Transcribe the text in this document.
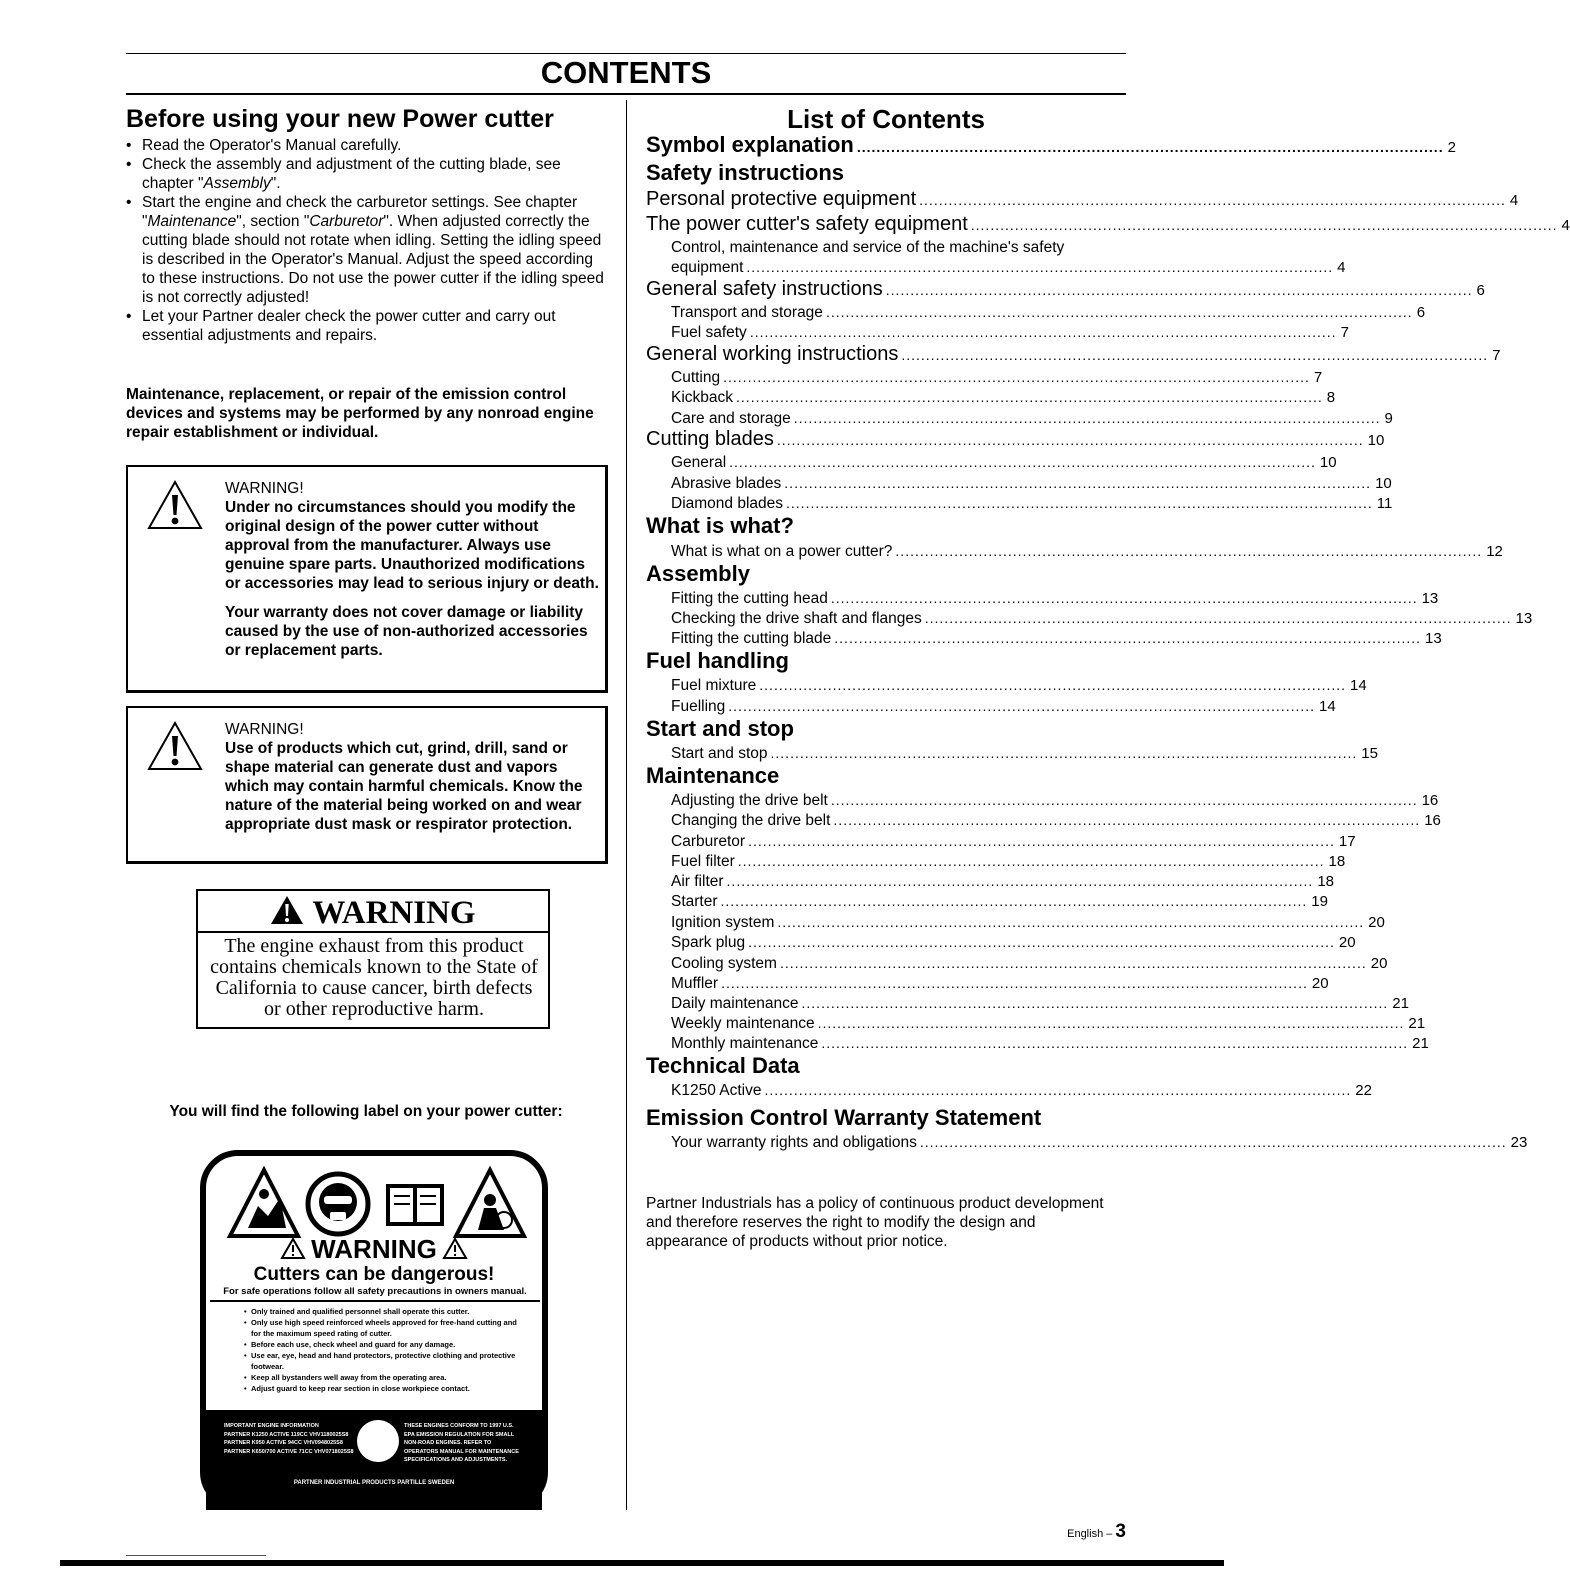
CONTENTS
Before using your new Power cutter
• Read the Operator's Manual carefully.
• Check the assembly and adjustment of the cutting blade, see chapter "Assembly".
• Start the engine and check the carburetor settings. See chapter "Maintenance", section "Carburetor". When adjusted correctly the cutting blade should not rotate when idling. Setting the idling speed is described in the Operator's Manual. Adjust the speed according to these instructions. Do not use the power cutter if the idling speed is not correctly adjusted!
• Let your Partner dealer check the power cutter and carry out essential adjustments and repairs.
Maintenance, replacement, or repair of the emission control devices and systems may be performed by any nonroad engine repair establishment or individual.

WARNING!
Under no circumstances should you modify the original design of the power cutter without approval from the manufacturer. Always use genuine spare parts. Unauthorized modifications or accessories may lead to serious injury or death.

Your warranty does not cover damage or liability caused by the use of non-authorized accessories or replacement parts.

WARNING!
Use of products which cut, grind, drill, sand or shape material can generate dust and vapors which may contain harmful chemicals. Know the nature of the material being worked on and wear appropriate dust mask or respirator protection.

WARNING
The engine exhaust from this product contains chemicals known to the State of California to cause cancer, birth defects or other reproductive harm.
You will find the following label on your power cutter:
WARNING
Cutters can be dangerous!
For safe operations follow all safety precautions in owners manual.
• Only trained and qualified personnel shall operate this cutter.
• Only use high speed reinforced wheels approved for free-hand cutting and for the maximum speed rating of cutter.
• Before each use, check wheel and guard for any damage.
• Use ear, eye, head and hand protectors, protective clothing and protective footwear.
• Keep all bystanders well away from the operating area.
• Adjust guard to keep rear section in close workpiece contact.
IMPORTANT ENGINE INFORMATION
PARTNER K1250 ACTIVE 119CC VHV1180025S8
PARTNER K950 ACTIVE 94CC VHV0948025S8
PARTNER K650/700 ACTIVE 71CC VHV0718025S8
THESE ENGINES CONFORM TO 1997 U.S. EPA EMISSION REGULATION FOR SMALL NON-ROAD ENGINES. REFER TO OPERATORS MANUAL FOR MAINTENANCE SPECIFICATIONS AND ADJUSTMENTS.
PARTNER INDUSTRIAL PRODUCTS PARTILLE SWEDEN
List of Contents
Symbol explanation ........................................................................................................................ 2
Safety instructions
Personal protective equipment ........................................................................................................................ 4
The power cutter's safety equipment ........................................................................................................................ 4
Control, maintenance and service of the machine's safety
equipment ........................................................................................................................ 4
General safety instructions ........................................................................................................................ 6
Transport and storage ........................................................................................................................ 6
Fuel safety ........................................................................................................................ 7
General working instructions ........................................................................................................................ 7
Cutting ........................................................................................................................ 7
Kickback ........................................................................................................................ 8
Care and storage ........................................................................................................................ 9
Cutting blades ........................................................................................................................ 10
General ........................................................................................................................ 10
Abrasive blades ........................................................................................................................ 10
Diamond blades ........................................................................................................................ 11
What is what?
What is what on a power cutter? ........................................................................................................................ 12
Assembly
Fitting the cutting head ........................................................................................................................ 13
Checking the drive shaft and flanges ........................................................................................................................ 13
Fitting the cutting blade ........................................................................................................................ 13
Fuel handling
Fuel mixture ........................................................................................................................ 14
Fuelling ........................................................................................................................ 14
Start and stop
Start and stop ........................................................................................................................ 15
Maintenance
Adjusting the drive belt ........................................................................................................................ 16
Changing the drive belt ........................................................................................................................ 16
Carburetor ........................................................................................................................ 17
Fuel filter ........................................................................................................................ 18
Air filter ........................................................................................................................ 18
Starter ........................................................................................................................ 19
Ignition system ........................................................................................................................ 20
Spark plug ........................................................................................................................ 20
Cooling system ........................................................................................................................ 20
Muffler ........................................................................................................................ 20
Daily maintenance ........................................................................................................................ 21
Weekly maintenance ........................................................................................................................ 21
Monthly maintenance ........................................................................................................................ 21
Technical Data
K1250 Active ........................................................................................................................ 22
Emission Control Warranty Statement
Your warranty rights and obligations ........................................................................................................................ 23
Partner Industrials has a policy of continuous product development and therefore reserves the right to modify the design and appearance of products without prior notice.
English – 3
